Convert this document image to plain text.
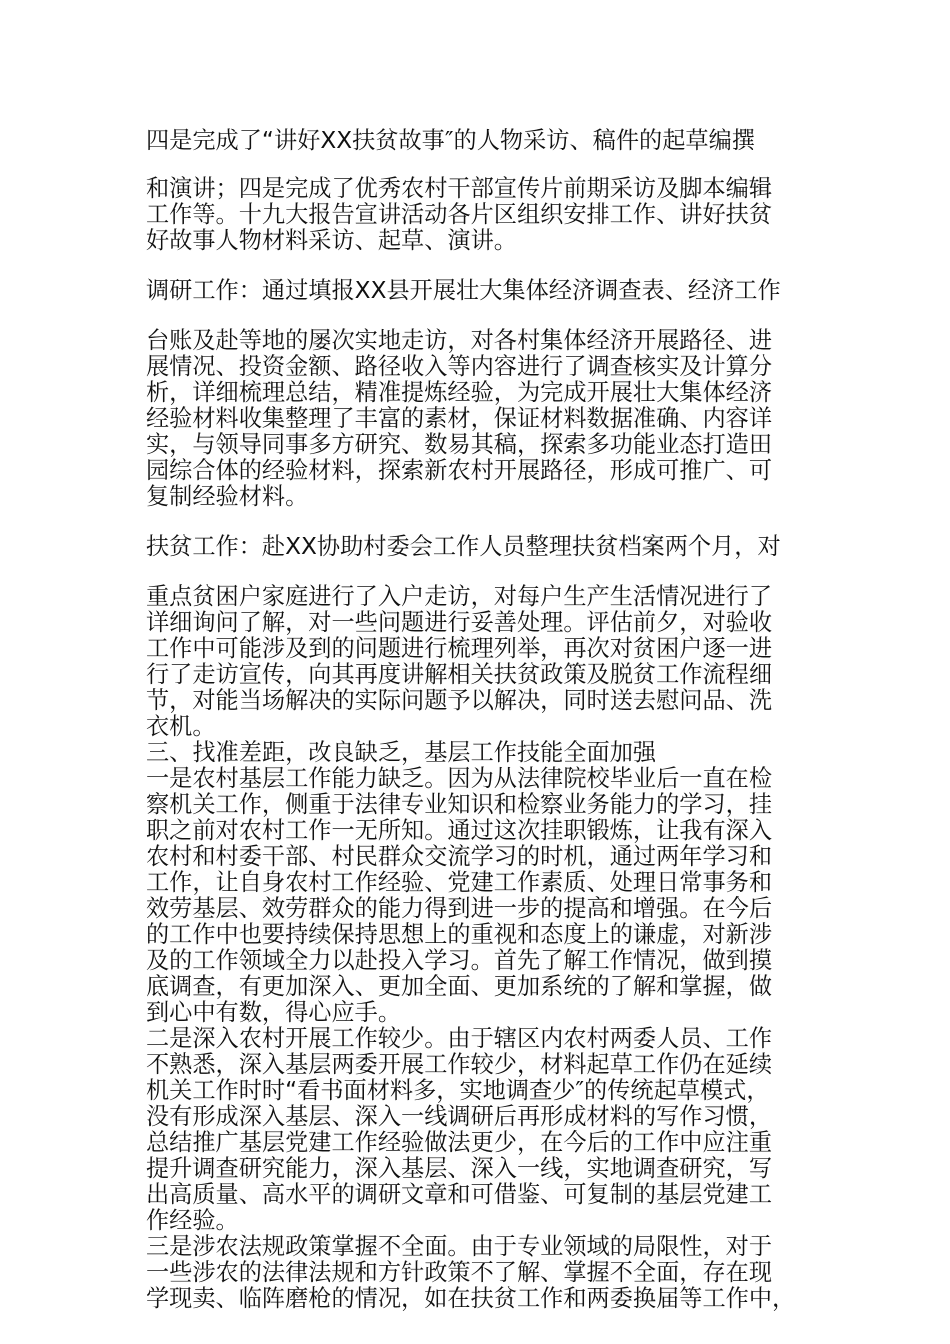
四是完成了“讲好XX扶贫故事″的人物采访、稿件的起草编撰
和演讲；四是完成了优秀农村干部宣传片前期采访及脚本编辑
工作等。十九大报告宣讲活动各片区组织安排工作、讲好扶贫
好故事人物材料采访、起草、演讲。
调研工作：通过填报XX县开展壮大集体经济调查表、经济工作
台账及赴等地的屡次实地走访，对各村集体经济开展路径、进
展情况、投资金额、路径收入等内容进行了调查核实及计算分
析，详细梳理总结，精准提炼经验，为完成开展壮大集体经济
经验材料收集整理了丰富的素材，保证材料数据准确、内容详
实，与领导同事多方研究、数易其稿，探索多功能业态打造田
园综合体的经验材料，探索新农村开展路径，形成可推广、可
复制经验材料。
扶贫工作：赴XX协助村委会工作人员整理扶贫档案两个月，对
重点贫困户家庭进行了入户走访，对每户生产生活情况进行了
详细询问了解，对一些问题进行妥善处理。评估前夕，对验收
工作中可能涉及到的问题进行梳理列举，再次对贫困户逐一进
行了走访宣传，向其再度讲解相关扶贫政策及脱贫工作流程细
节，对能当场解决的实际问题予以解决，同时送去慰问品、洗
衣机。
三、找准差距，改良缺乏，基层工作技能全面加强
一是农村基层工作能力缺乏。因为从法律院校毕业后一直在检
察机关工作，侧重于法律专业知识和检察业务能力的学习，挂
职之前对农村工作一无所知。通过这次挂职锻炼，让我有深入
农村和村委干部、村民群众交流学习的时机，通过两年学习和
工作，让自身农村工作经验、党建工作素质、处理日常事务和
效劳基层、效劳群众的能力得到进一步的提高和增强。在今后
的工作中也要持续保持思想上的重视和态度上的谦虚，对新涉
及的工作领域全力以赴投入学习。首先了解工作情况，做到摸
底调查，有更加深入、更加全面、更加系统的了解和掌握，做
到心中有数，得心应手。
二是深入农村开展工作较少。由于辖区内农村两委人员、工作
不熟悉，深入基层两委开展工作较少，材料起草工作仍在延续
机关工作时时“看书面材料多，实地调查少″的传统起草模式，
没有形成深入基层、深入一线调研后再形成材料的写作习惯，
总结推广基层党建工作经验做法更少，在今后的工作中应注重
提升调查研究能力，深入基层、深入一线，实地调查研究，写
出高质量、高水平的调研文章和可借鉴、可复制的基层党建工
作经验。
三是涉农法规政策掌握不全面。由于专业领域的局限性，对于
一些涉农的法律法规和方针政策不了解、掌握不全面，存在现
学现卖、临阵磨枪的情况，如在扶贫工作和两委换届等工作中，
